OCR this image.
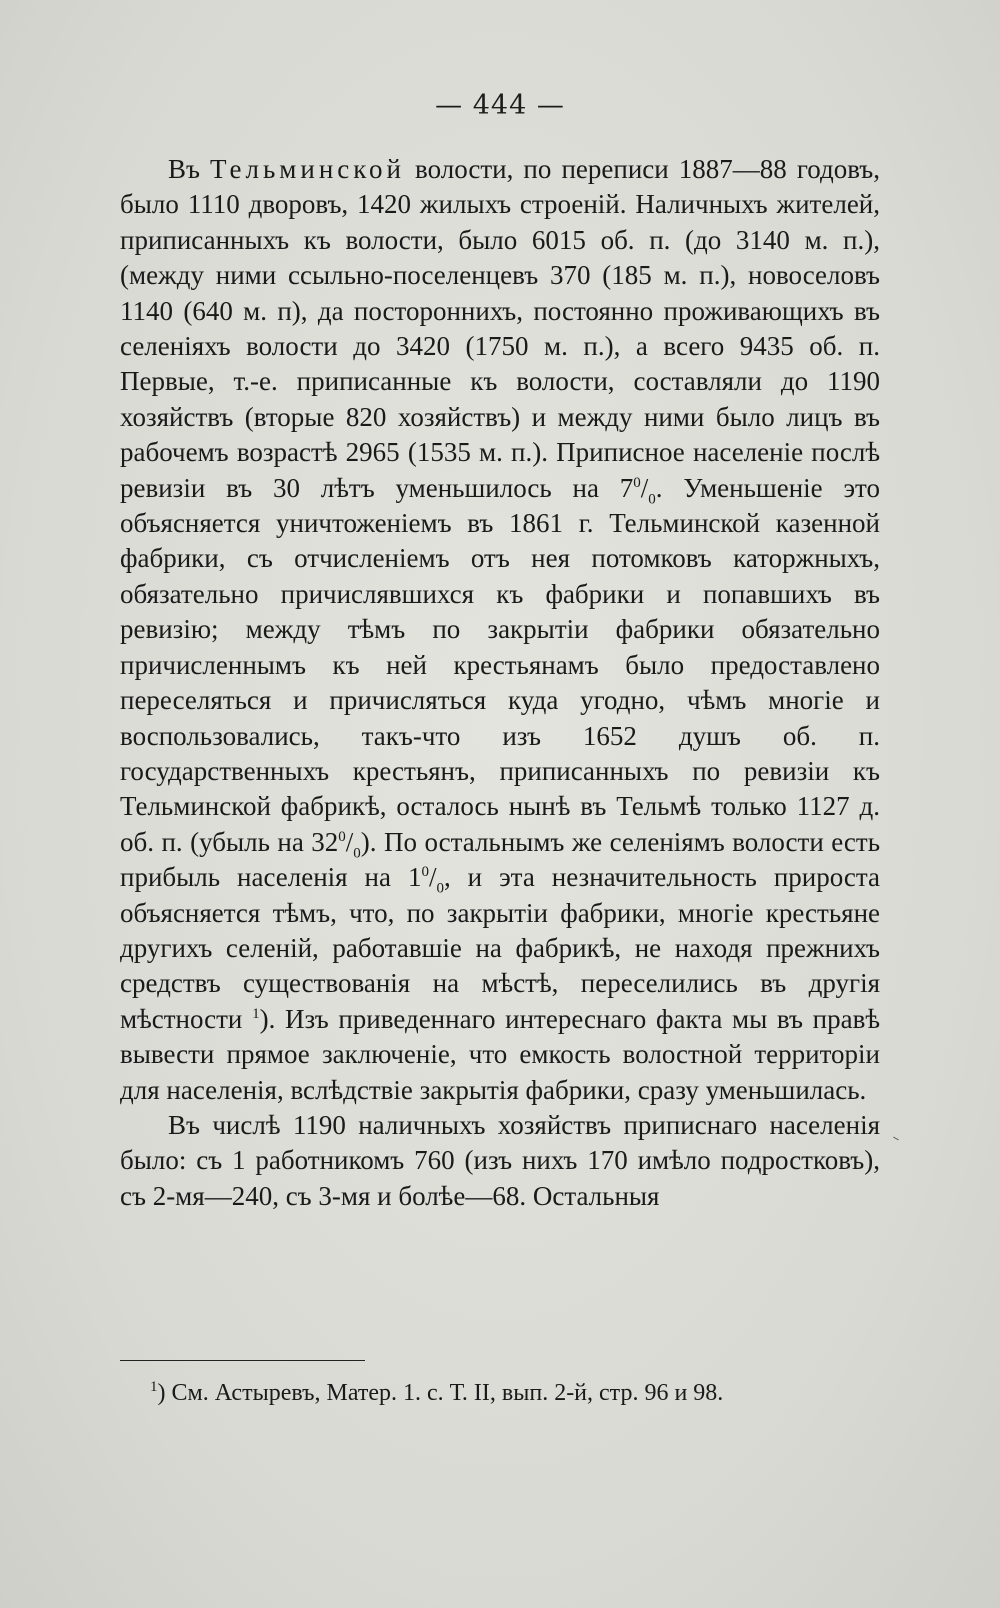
— 444 —

Въ Тельминской волости, по переписи 1887—88 годовъ, было 1110 дворовъ, 1420 жилыхъ строеній. Наличныхъ жителей, приписанныхъ къ волости, было 6015 об. п. (до 3140 м. п.), (между ними ссыльно-поселенцевъ 370 (185 м. п.), новоселовъ 1140 (640 м. п), да постороннихъ, постоянно проживающихъ въ селеніяхъ волости до 3420 (1750 м. п.), а всего 9435 об. п. Первые, т.-е. приписанные къ волости, составляли до 1190 хозяйствъ (вторые 820 хозяйствъ) и между ними было лицъ въ рабочемъ возрастѣ 2965 (1535 м. п.). Приписное населеніе послѣ ревизіи въ 30 лѣтъ уменьшилось на $7^0/_0$. Уменьшеніе это объясняется уничтоженіемъ въ 1861 г. Тельминской казенной фабрики, съ отчисленіемъ отъ нея потомковъ каторжныхъ, обязательно причислявшихся къ фабрики и попавшихъ въ ревизію; между тѣмъ по закрытіи фабрики обязательно причисленнымъ къ ней крестьянамъ было предоставлено переселяться и причисляться куда угодно, чѣмъ многіе и воспользовались, такъ-что изъ 1652 душъ об. п. государственныхъ крестьянъ, приписанныхъ по ревизіи къ Тельминской фабрикѣ, осталось нынѣ въ Тельмѣ только 1127 д. об. п. (убыль на $32^0/_0$). По остальнымъ же селеніямъ волости есть прибыль населенія на $1^0/_0$, и эта незначительность прироста объясняется тѣмъ, что, по закрытіи фабрики, многіе крестьяне другихъ селеній, работавшіе на фабрикѣ, не находя прежнихъ средствъ существованія на мѣстѣ, переселились въ другія мѣстности $^1$). Изъ приведеннаго интереснаго факта мы въ правѣ вывести прямое заключеніе, что емкость волостной территоріи для населенія, вслѣдствіе закрытія фабрики, сразу уменьшилась.

Въ числѣ 1190 наличныхъ хозяйствъ приписнаго населенія было: съ 1 работникомъ 760 (изъ нихъ 170 имѣло подростковъ), съ 2-мя—240, съ 3-мя и болѣе—68. Остальныя

$^1$) См. Астыревъ, Матер. 1. с. Т. II, вып. 2-й, стр. 96 и 98.
